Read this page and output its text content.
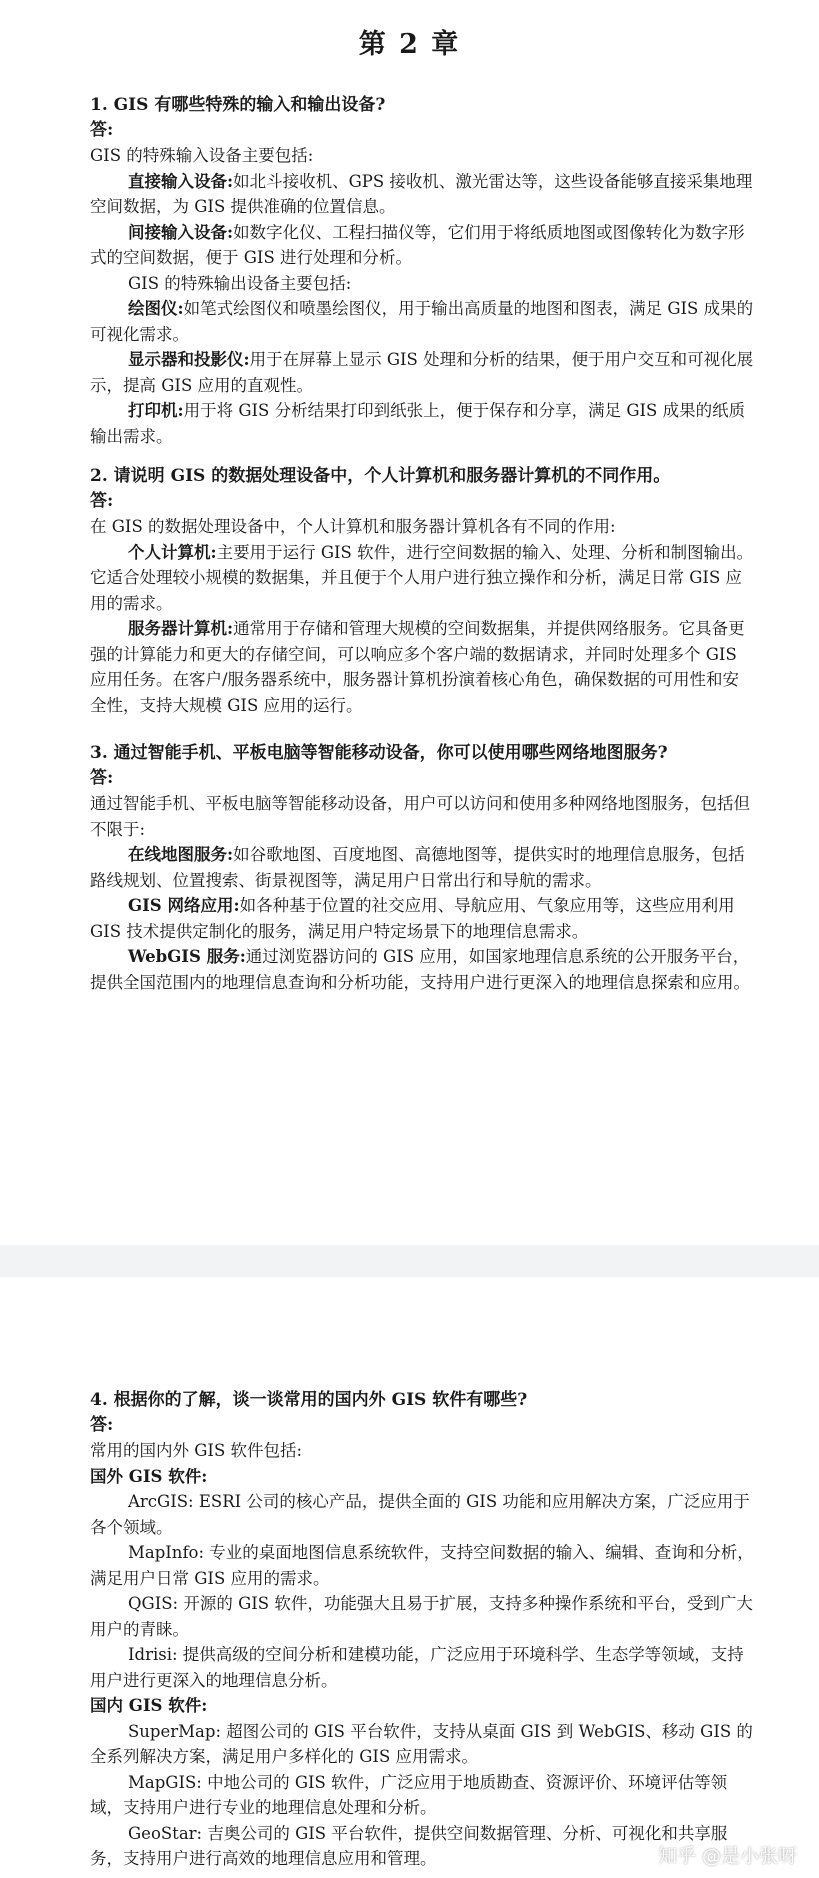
第 2 章

1. GIS 有哪些特殊的输入和输出设备?

答:

GIS 的特殊输入设备主要包括:

直接输入设备:如北斗接收机、GPS 接收机、激光雷达等，这些设备能够直接采集地理空间数据，为 GIS 提供准确的位置信息。

间接输入设备:如数字化仪、工程扫描仪等，它们用于将纸质地图或图像转化为数字形式的空间数据，便于 GIS 进行处理和分析。

GIS 的特殊输出设备主要包括:

绘图仪:如笔式绘图仪和喷墨绘图仪，用于输出高质量的地图和图表，满足 GIS 成果的可视化需求。

显示器和投影仪:用于在屏幕上显示 GIS 处理和分析的结果，便于用户交互和可视化展示，提高 GIS 应用的直观性。

打印机:用于将 GIS 分析结果打印到纸张上，便于保存和分享，满足 GIS 成果的纸质输出需求。

2. 请说明 GIS 的数据处理设备中，个人计算机和服务器计算机的不同作用。

答:

在 GIS 的数据处理设备中，个人计算机和服务器计算机各有不同的作用:

个人计算机:主要用于运行 GIS 软件，进行空间数据的输入、处理、分析和制图输出。它适合处理较小规模的数据集，并且便于个人用户进行独立操作和分析，满足日常 GIS 应用的需求。

服务器计算机:通常用于存储和管理大规模的空间数据集，并提供网络服务。它具备更强的计算能力和更大的存储空间，可以响应多个客户端的数据请求，并同时处理多个 GIS 应用任务。在客户/服务器系统中，服务器计算机扮演着核心角色，确保数据的可用性和安全性，支持大规模 GIS 应用的运行。

3. 通过智能手机、平板电脑等智能移动设备，你可以使用哪些网络地图服务?

答:

通过智能手机、平板电脑等智能移动设备，用户可以访问和使用多种网络地图服务，包括但不限于:

在线地图服务:如谷歌地图、百度地图、高德地图等，提供实时的地理信息服务，包括路线规划、位置搜索、街景视图等，满足用户日常出行和导航的需求。

GIS 网络应用:如各种基于位置的社交应用、导航应用、气象应用等，这些应用利用 GIS 技术提供定制化的服务，满足用户特定场景下的地理信息需求。

WebGIS 服务:通过浏览器访问的 GIS 应用，如国家地理信息系统的公开服务平台，提供全国范围内的地理信息查询和分析功能，支持用户进行更深入的地理信息探索和应用。

4. 根据你的了解，谈一谈常用的国内外 GIS 软件有哪些?

答:

常用的国内外 GIS 软件包括:

国外 GIS 软件:

ArcGIS: ESRI 公司的核心产品，提供全面的 GIS 功能和应用解决方案，广泛应用于各个领域。

MapInfo: 专业的桌面地图信息系统软件，支持空间数据的输入、编辑、查询和分析，满足用户日常 GIS 应用的需求。

QGIS: 开源的 GIS 软件，功能强大且易于扩展，支持多种操作系统和平台，受到广大用户的青睐。

Idrisi: 提供高级的空间分析和建模功能，广泛应用于环境科学、生态学等领域，支持用户进行更深入的地理信息分析。

国内 GIS 软件:

SuperMap: 超图公司的 GIS 平台软件，支持从桌面 GIS 到 WebGIS、移动 GIS 的全系列解决方案，满足用户多样化的 GIS 应用需求。

MapGIS: 中地公司的 GIS 软件，广泛应用于地质勘查、资源评价、环境评估等领域，支持用户进行专业的地理信息处理和分析。

GeoStar: 吉奥公司的 GIS 平台软件，提供空间数据管理、分析、可视化和共享服务，支持用户进行高效的地理信息应用和管理。	知乎 @是小张呀
